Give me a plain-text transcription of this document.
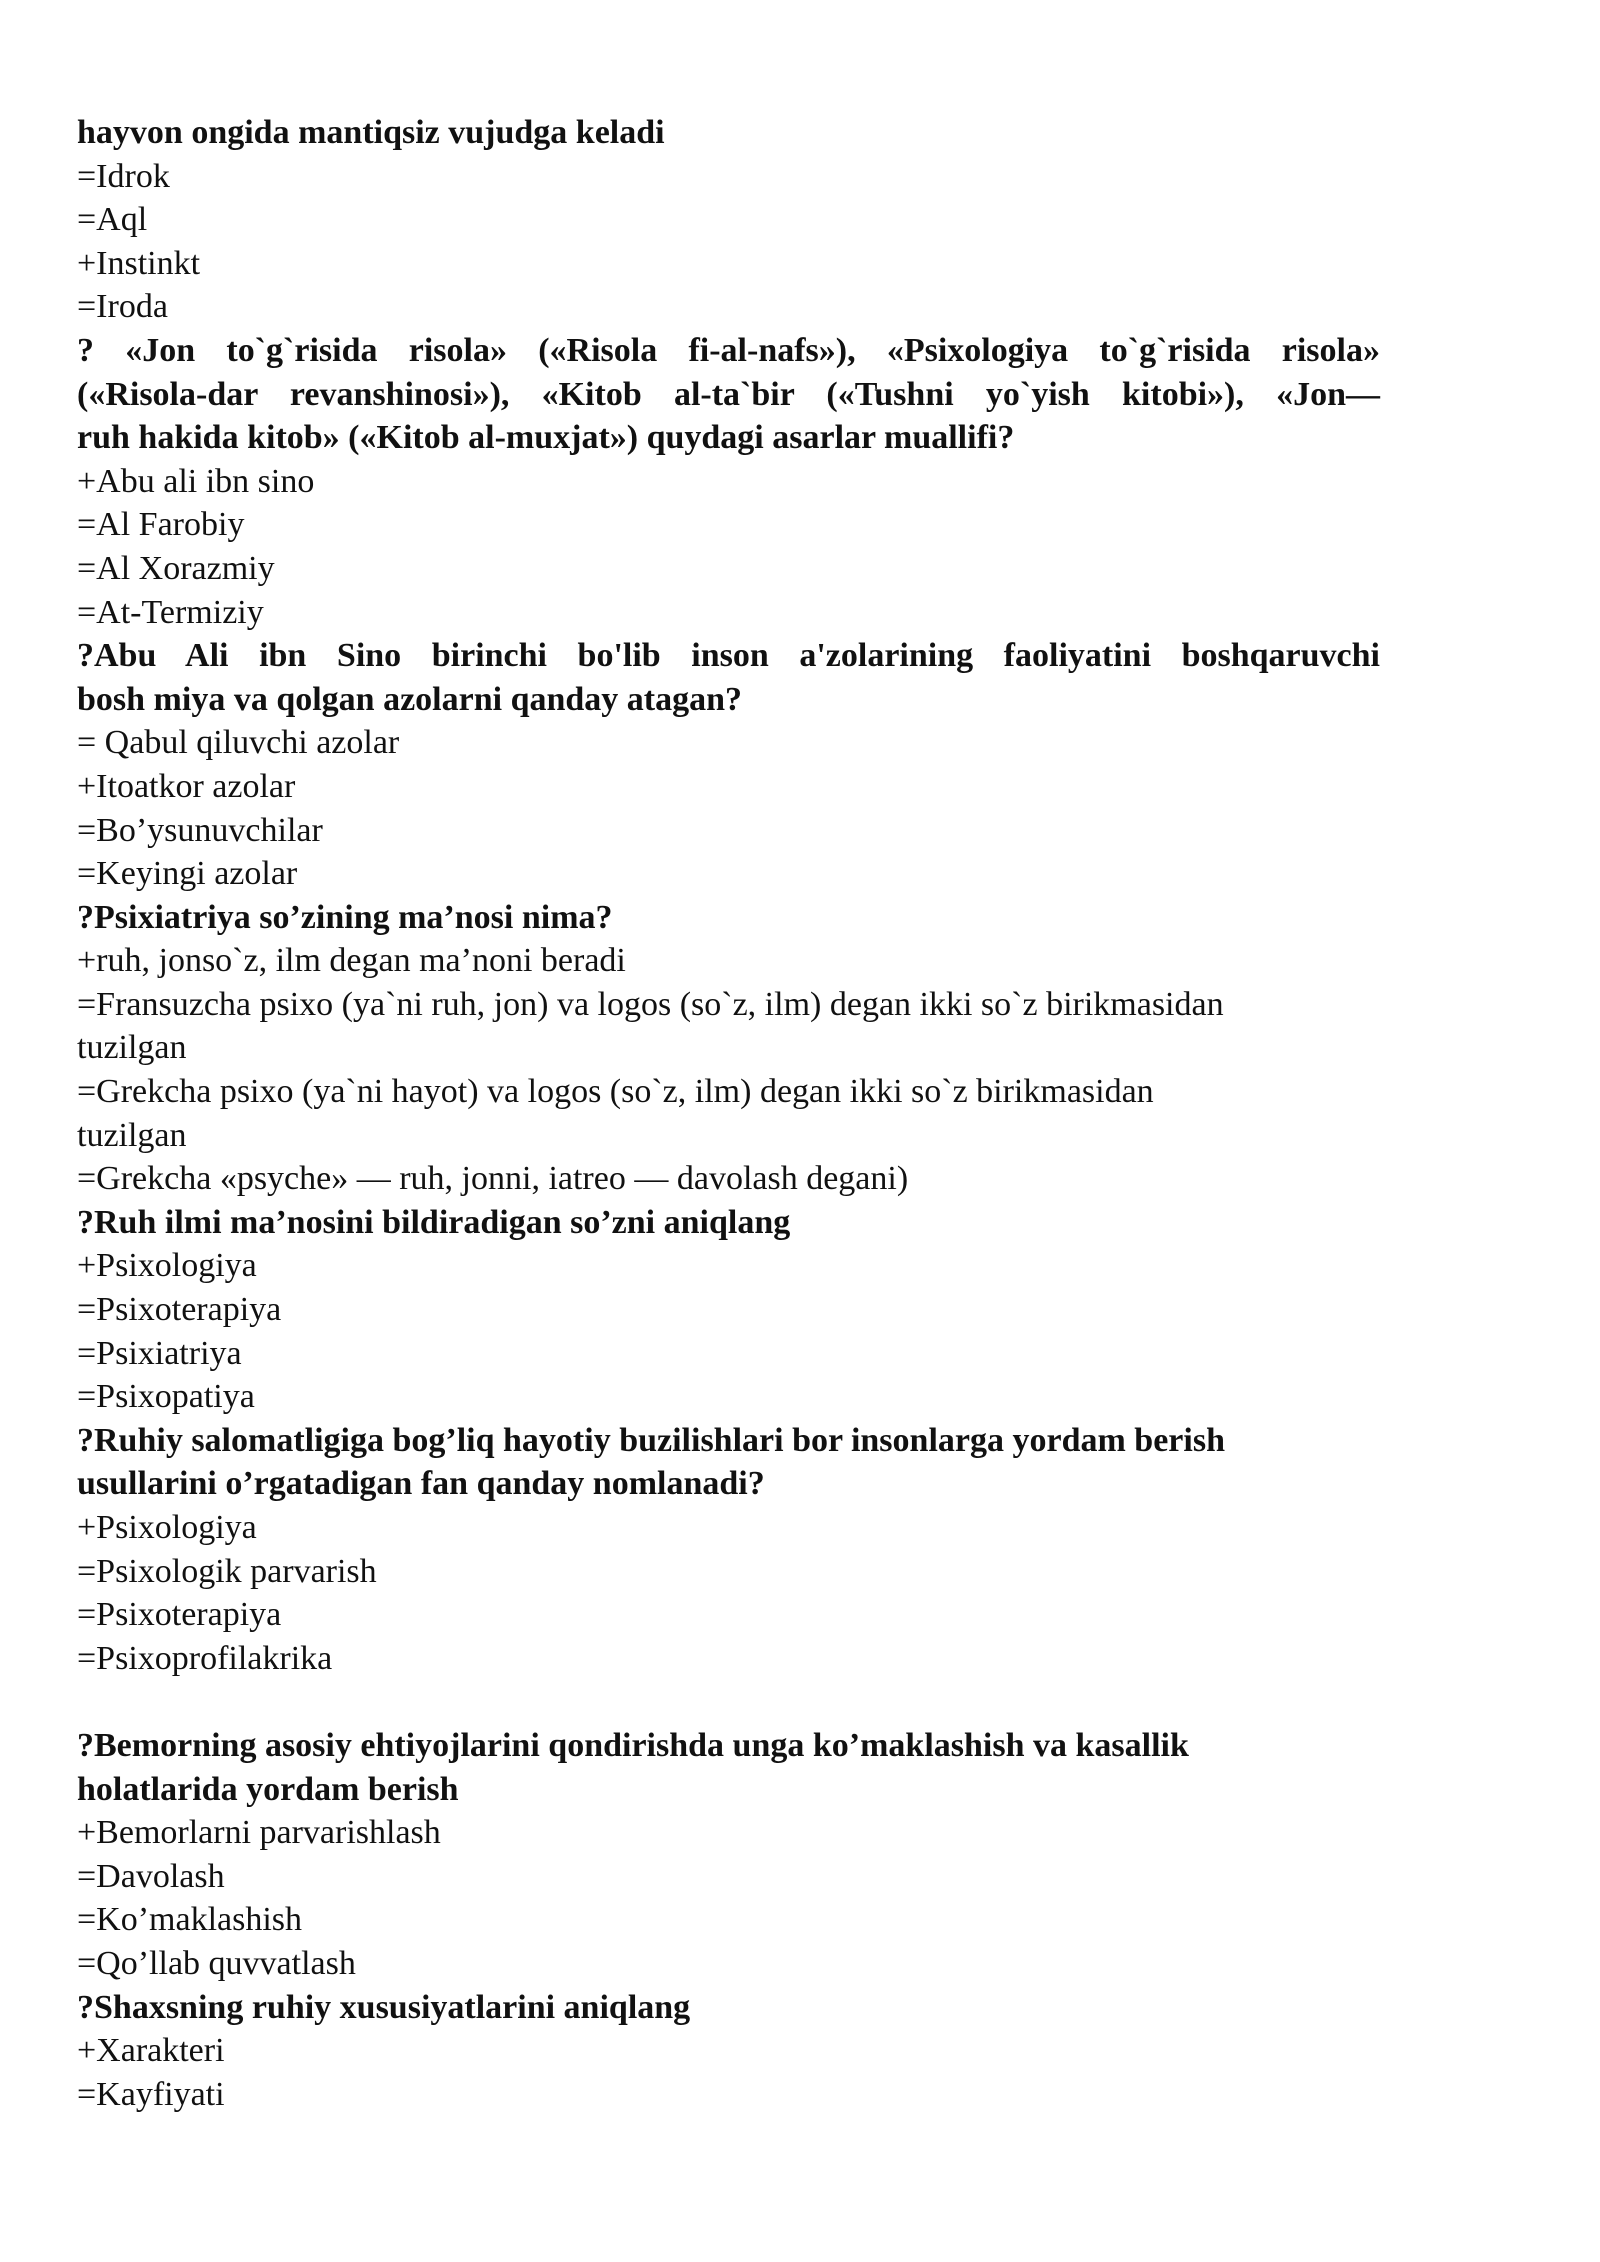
hayvon ongida mantiqsiz vujudga keladi

=Idrok

=Aql

+Instinkt

=Iroda

? «Jon to`g`risida risola» («Risola fi-al-nafs»), «Psixologiya to`g`risida risola»

(«Risola-dar revanshinosi»), «Kitob al-ta`bir («Tushni yo`yish kitobi»), «Jon—

ruh hakida kitob» («Kitob al-muxjat») quydagi asarlar muallifi?

+Abu ali ibn sino

=Al Farobiy

=Al Xorazmiy

=At-Termiziy

?Abu Ali ibn Sino birinchi bo'lib inson a'zolarining faoliyatini boshqaruvchi

bosh miya va qolgan azolarni qanday atagan?

= Qabul qiluvchi azolar

+Itoatkor azolar

=Bo’ysunuvchilar

=Keyingi azolar

?Psixiatriya so’zining ma’nosi nima?

+ruh, jonso`z, ilm degan ma’noni beradi

=Fransuzcha psixo (ya`ni ruh, jon) va logos (so`z, ilm) degan ikki so`z birikmasidan

tuzilgan

=Grekcha psixo (ya`ni hayot) va logos (so`z, ilm) degan ikki so`z birikmasidan

tuzilgan

=Grekcha «psyche» — ruh, jonni, iatreo — davolash degani)

?Ruh ilmi ma’nosini bildiradigan so’zni aniqlang

+Psixologiya

=Psixoterapiya

=Psixiatriya

=Psixopatiya

?Ruhiy salomatligiga bog’liq hayotiy buzilishlari bor insonlarga yordam berish

usullarini o’rgatadigan fan qanday nomlanadi?

+Psixologiya

=Psixologik parvarish

=Psixoterapiya

=Psixoprofilakrika

?Bemorning asosiy ehtiyojlarini qondirishda unga ko’maklashish va kasallik

holatlarida yordam berish

+Bemorlarni parvarishlash

=Davolash

=Ko’maklashish

=Qo’llab quvvatlash

?Shaxsning ruhiy xususiyatlarini aniqlang

+Xarakteri

=Kayfiyati
